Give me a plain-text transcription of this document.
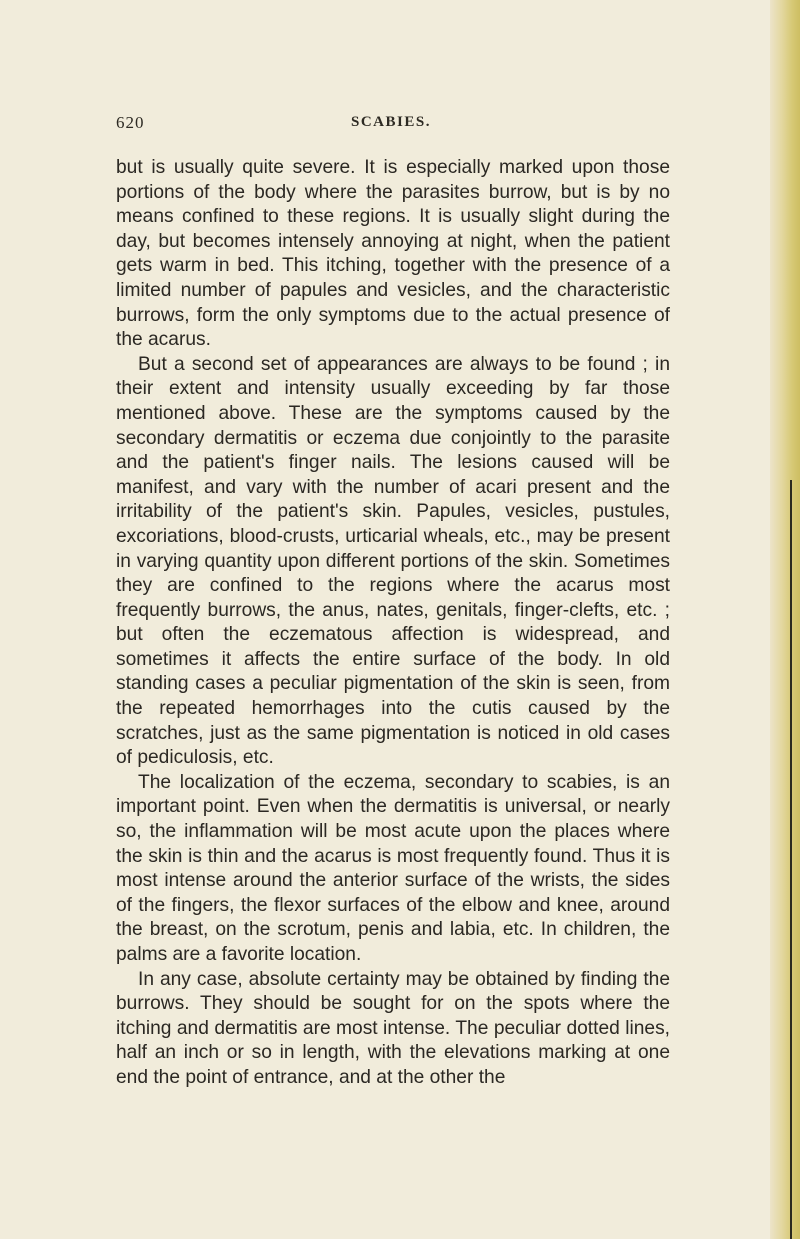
620	SCABIES.

but is usually quite severe. It is especially marked upon those portions of the body where the parasites burrow, but is by no means confined to these regions. It is usually slight during the day, but becomes intensely annoying at night, when the patient gets warm in bed. This itching, together with the presence of a limited number of papules and vesicles, and the characteristic burrows, form the only symptoms due to the actual presence of the acarus.

But a second set of appearances are always to be found ; in their extent and intensity usually exceeding by far those mentioned above. These are the symptoms caused by the secondary dermatitis or eczema due conjointly to the parasite and the patient's finger nails. The lesions caused will be manifest, and vary with the number of acari present and the irritability of the patient's skin. Papules, vesicles, pustules, excoriations, blood-crusts, urticarial wheals, etc., may be present in varying quantity upon different portions of the skin. Sometimes they are confined to the regions where the acarus most frequently burrows, the anus, nates, genitals, finger-clefts, etc. ; but often the eczematous affection is widespread, and sometimes it affects the entire surface of the body. In old standing cases a peculiar pigmentation of the skin is seen, from the repeated hemorrhages into the cutis caused by the scratches, just as the same pigmentation is noticed in old cases of pediculosis, etc.

The localization of the eczema, secondary to scabies, is an important point. Even when the dermatitis is universal, or nearly so, the inflammation will be most acute upon the places where the skin is thin and the acarus is most frequently found. Thus it is most intense around the anterior surface of the wrists, the sides of the fingers, the flexor surfaces of the elbow and knee, around the breast, on the scrotum, penis and labia, etc. In children, the palms are a favorite location.

In any case, absolute certainty may be obtained by finding the burrows. They should be sought for on the spots where the itching and dermatitis are most intense. The peculiar dotted lines, half an inch or so in length, with the elevations marking at one end the point of entrance, and at the other the
